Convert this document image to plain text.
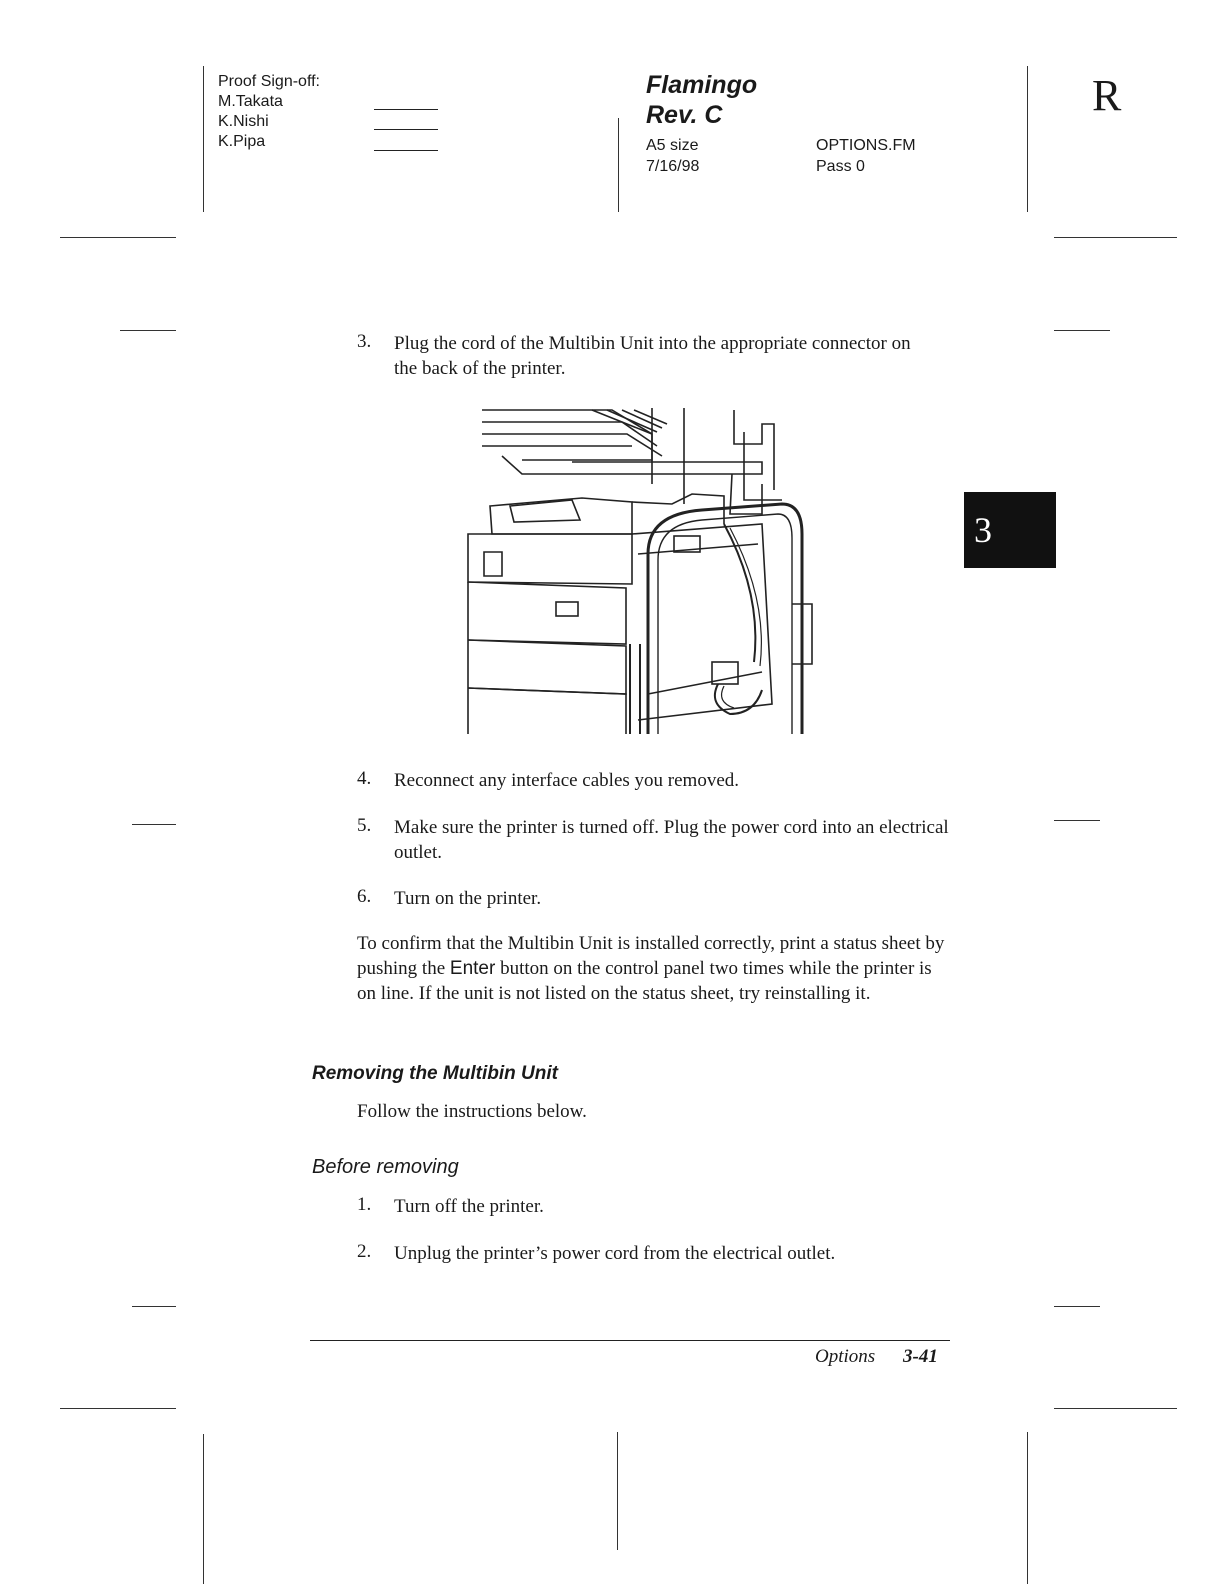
Proof Sign-off:
M.Takata
K.Nishi
K.Pipa
Flamingo
Rev. C
A5 size
7/16/98
OPTIONS.FM
Pass 0
R
3
3. Plug the cord of the Multibin Unit into the appropriate connector on the back of the printer.
4. Reconnect any interface cables you removed.
5. Make sure the printer is turned off. Plug the power cord into an electrical outlet.
6. Turn on the printer.
To confirm that the Multibin Unit is installed correctly, print a status sheet by pushing the Enter button on the control panel two times while the printer is on line. If the unit is not listed on the status sheet, try reinstalling it.
Removing the Multibin Unit
Follow the instructions below.
Before removing
1. Turn off the printer.
2. Unplug the printer’s power cord from the electrical outlet.
Options 3-41
